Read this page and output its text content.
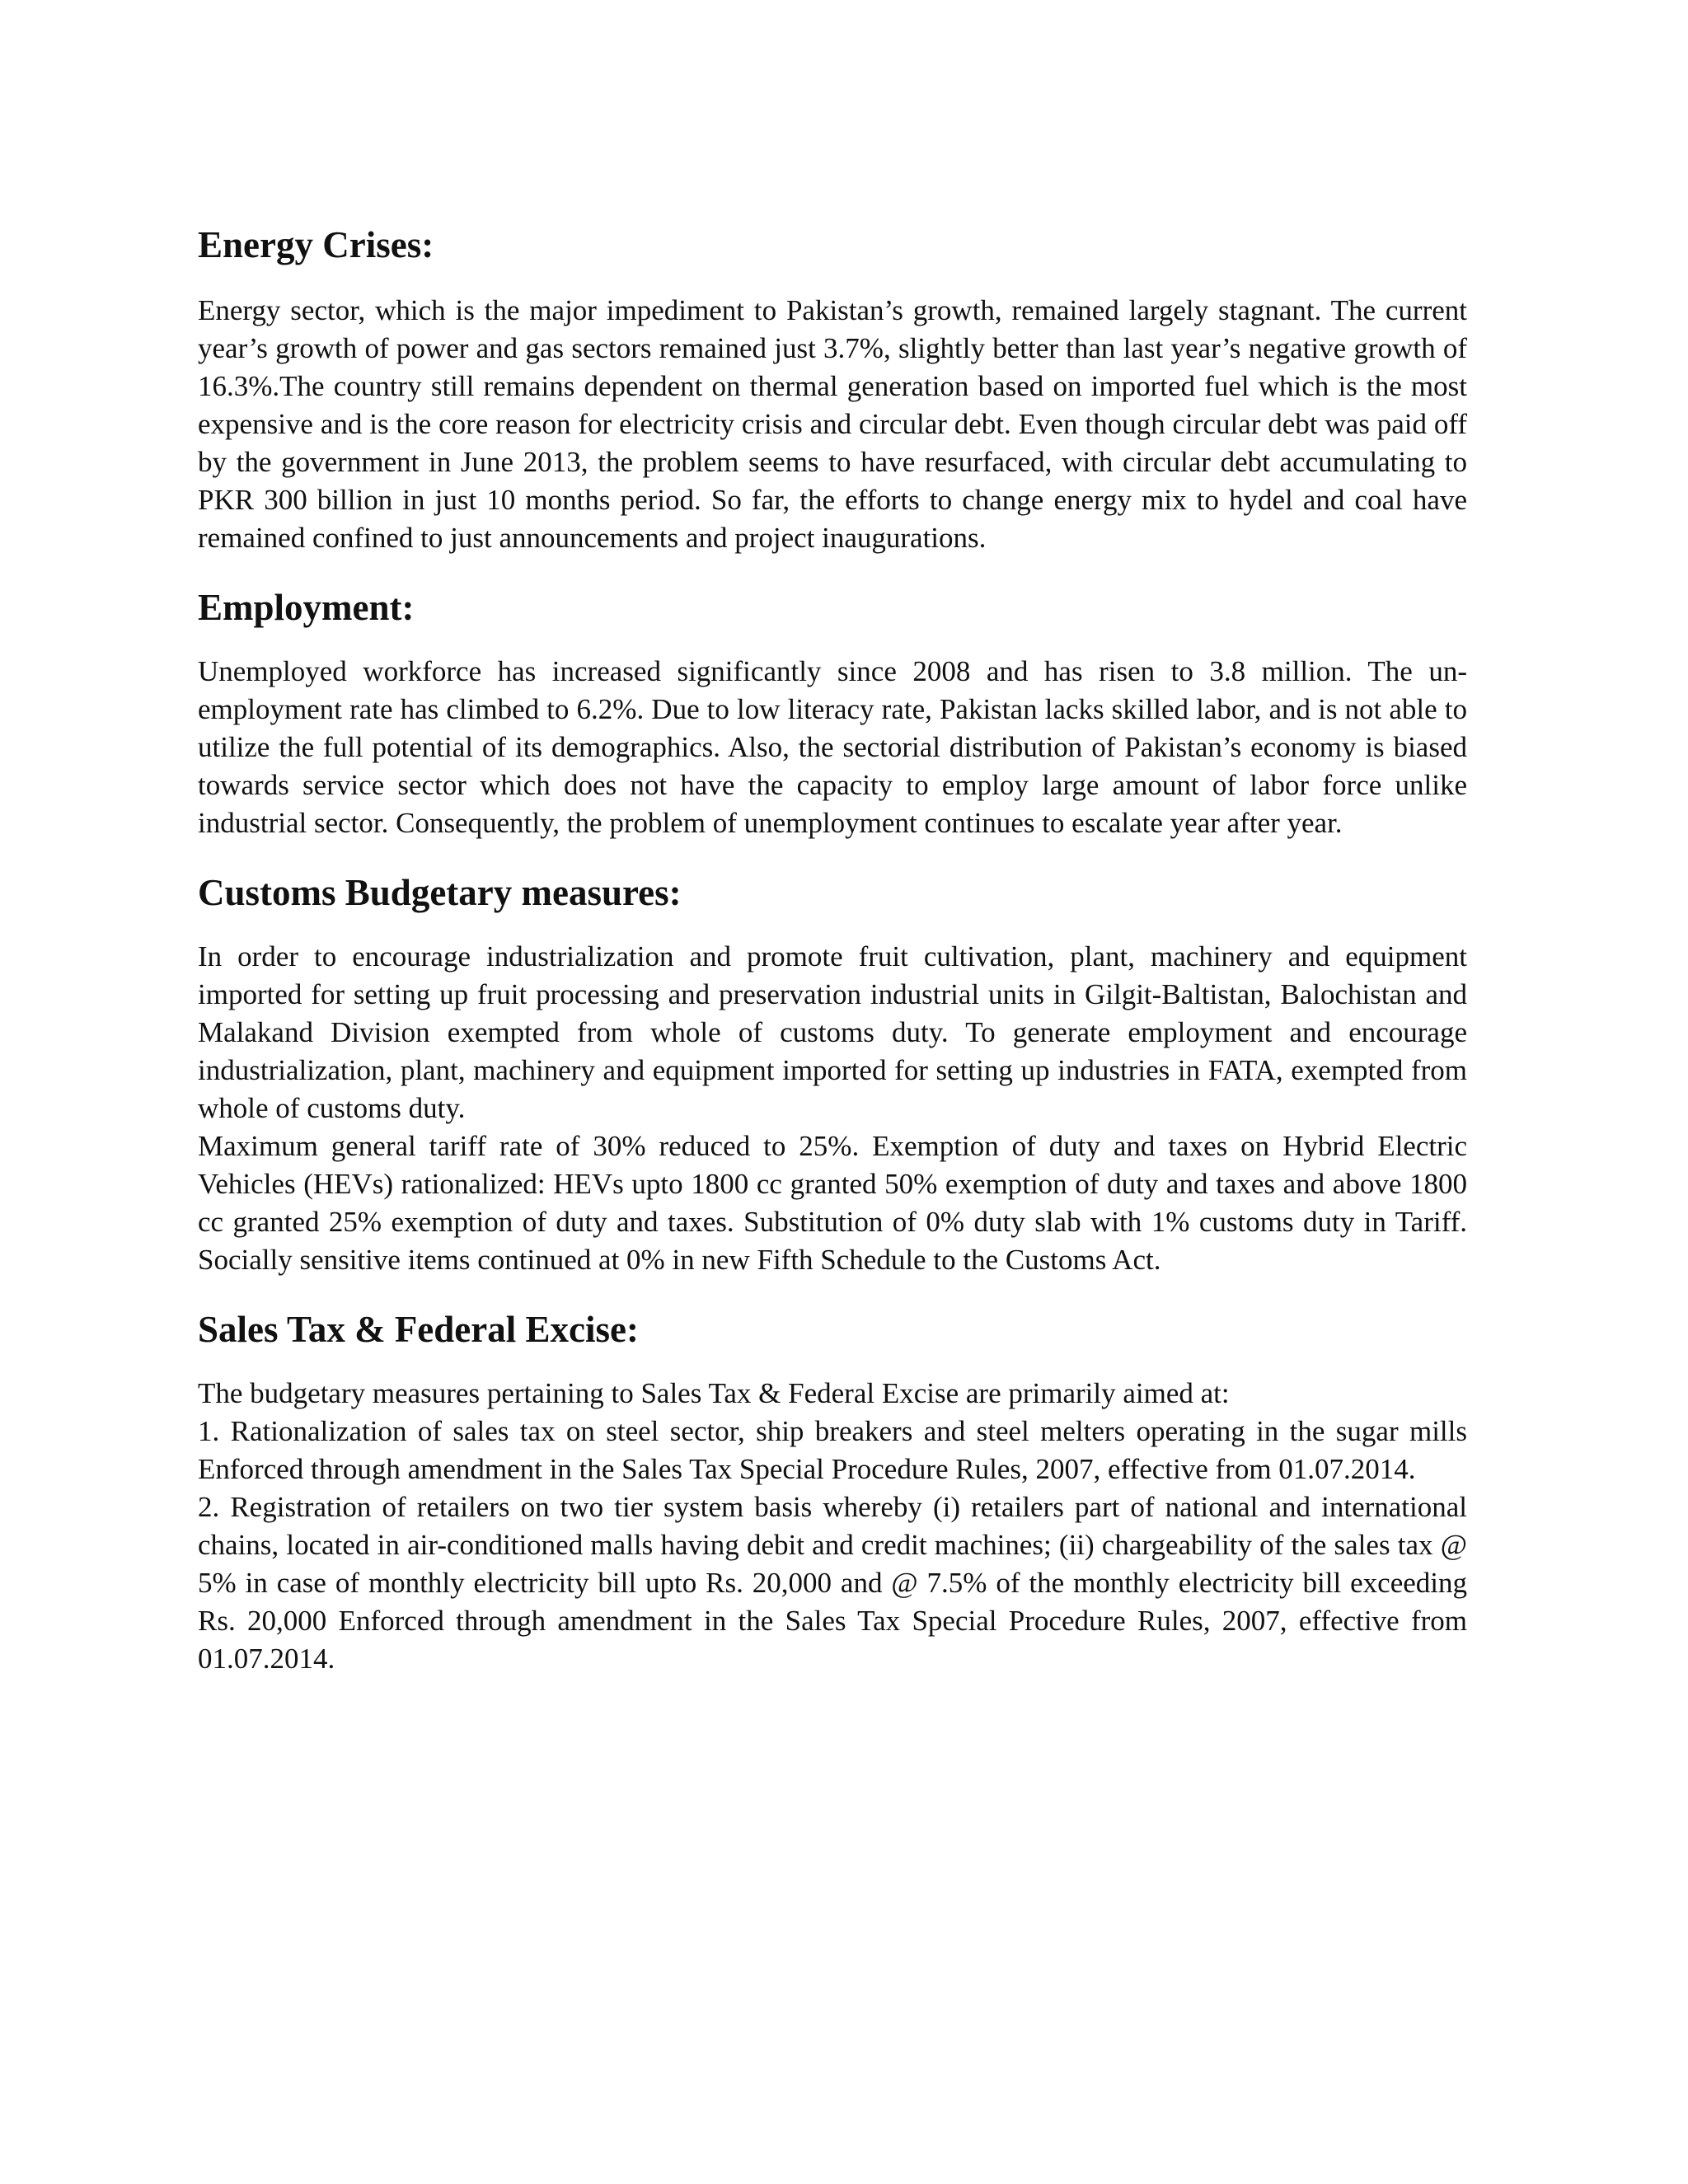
Energy Crises:

Energy sector, which is the major impediment to Pakistan’s growth, remained largely stagnant. The current year’s growth of power and gas sectors remained just 3.7%, slightly better than last year’s negative growth of 16.3%.The country still remains dependent on thermal generation based on imported fuel which is the most expensive and is the core reason for electricity crisis and circular debt. Even though circular debt was paid off by the government in June 2013, the problem seems to have resurfaced, with circular debt accumulating to PKR 300 billion in just 10 months period. So far, the efforts to change energy mix to hydel and coal have remained confined to just announcements and project inaugurations.

Employment:

Unemployed workforce has increased significantly since 2008 and has risen to 3.8 million. The un-employment rate has climbed to 6.2%. Due to low literacy rate, Pakistan lacks skilled labor, and is not able to utilize the full potential of its demographics. Also, the sectorial distribution of Pakistan’s economy is biased towards service sector which does not have the capacity to employ large amount of labor force unlike industrial sector. Consequently, the problem of unemployment continues to escalate year after year.

Customs Budgetary measures:

In order to encourage industrialization and promote fruit cultivation, plant, machinery and equipment imported for setting up fruit processing and preservation industrial units in Gilgit-Baltistan, Balochistan and Malakand Division exempted from whole of customs duty. To generate employment and encourage industrialization, plant, machinery and equipment imported for setting up industries in FATA, exempted from whole of customs duty.

Maximum general tariff rate of 30% reduced to 25%. Exemption of duty and taxes on Hybrid Electric Vehicles (HEVs) rationalized: HEVs upto 1800 cc granted 50% exemption of duty and taxes and above 1800 cc granted 25% exemption of duty and taxes. Substitution of 0% duty slab with 1% customs duty in Tariff. Socially sensitive items continued at 0% in new Fifth Schedule to the Customs Act.

Sales Tax & Federal Excise:

The budgetary measures pertaining to Sales Tax & Federal Excise are primarily aimed at:

1. Rationalization of sales tax on steel sector, ship breakers and steel melters operating in the sugar mills Enforced through amendment in the Sales Tax Special Procedure Rules, 2007, effective from 01.07.2014.

2. Registration of retailers on two tier system basis whereby (i) retailers part of national and international chains, located in air-conditioned malls having debit and credit machines; (ii) chargeability of the sales tax @ 5% in case of monthly electricity bill upto Rs. 20,000 and @ 7.5% of the monthly electricity bill exceeding Rs. 20,000 Enforced through amendment in the Sales Tax Special Procedure Rules, 2007, effective from 01.07.2014.
